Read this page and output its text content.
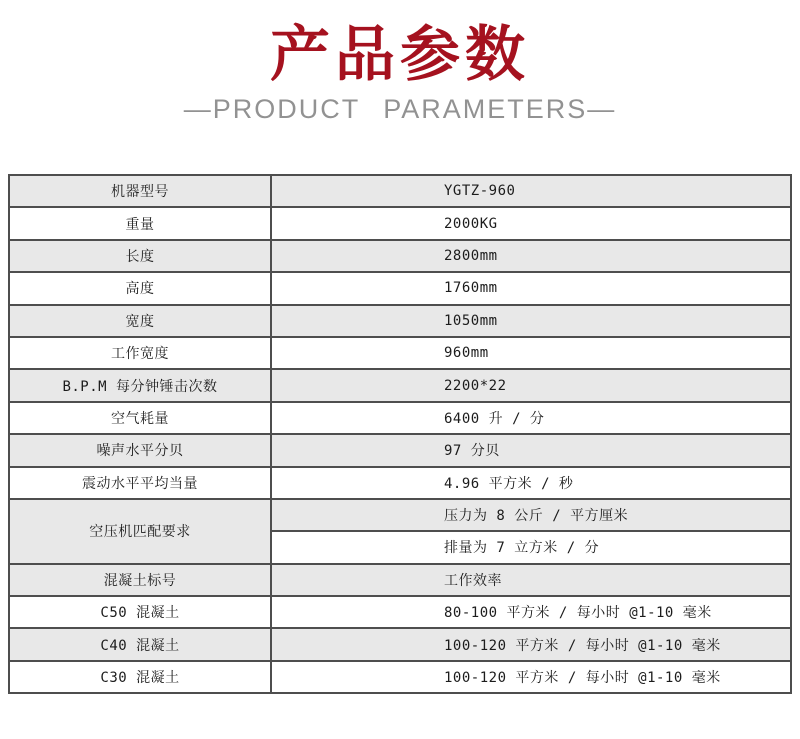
产品参数
—PRODUCT PARAMETERS—
机器型号	YGTZ-960
重量	2000KG
长度	2800mm
高度	1760mm
宽度	1050mm
工作宽度	960mm
B.P.M 每分钟锤击次数	2200*22
空气耗量	6400 升 / 分
噪声水平分贝	97 分贝
震动水平平均当量	4.96 平方米 / 秒
空压机匹配要求	压力为 8 公斤 / 平方厘米
	排量为 7 立方米 / 分
混凝土标号	工作效率
C50 混凝土	80-100 平方米 / 每小时 @1-10 毫米
C40 混凝土	100-120 平方米 / 每小时 @1-10 毫米
C30 混凝土	100-120 平方米 / 每小时 @1-10 毫米
